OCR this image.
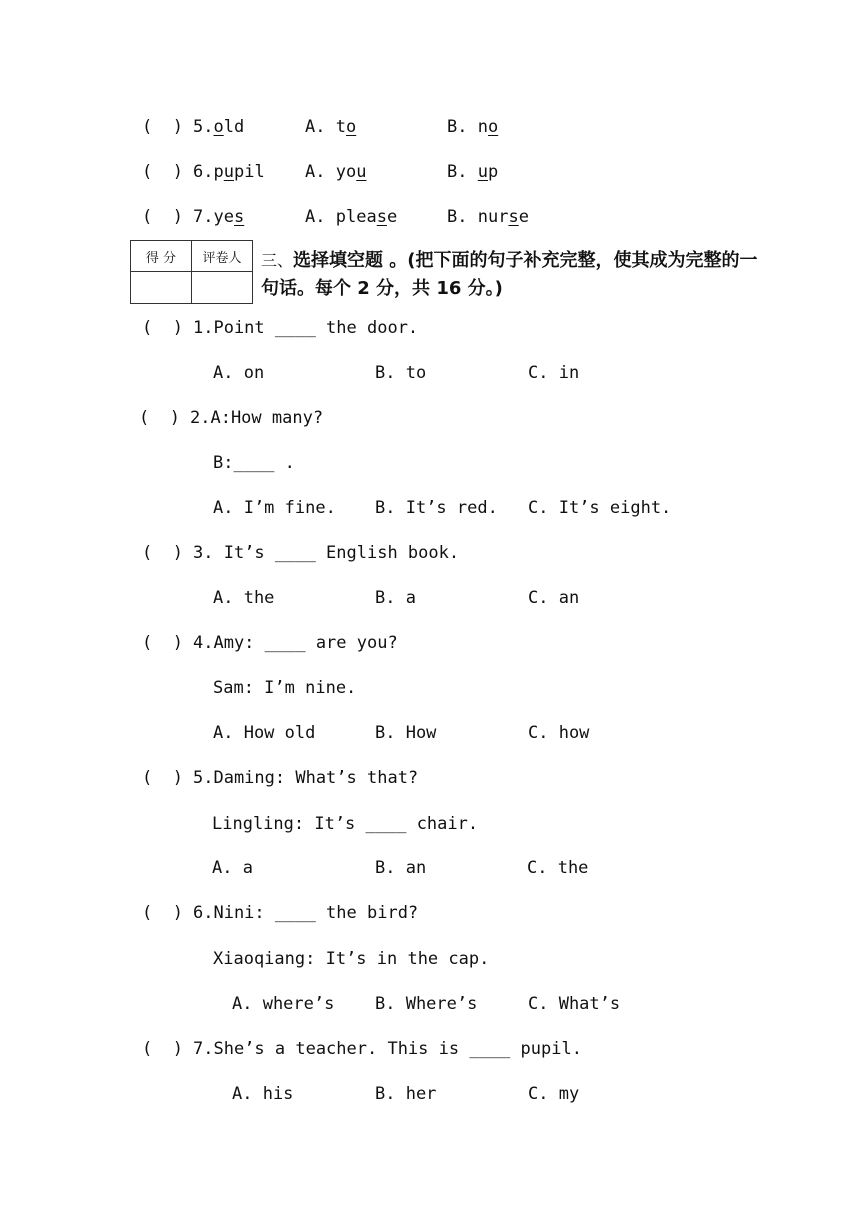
(  ) 5.old	A. to	B. no
(  ) 6.pupil A. you	B. up
(  ) 7.yes	A. please	B. nurse
得 分	评卷人
	三、选择填空题 。(把下面的句子补充完整，使其成为完整的一句话。每个 2 分，共 16 分。)
(  ) 1.Point ____ the door.
A. on	B. to	C. in
(  ) 2.A:How many?
B:____ .
A. I’m fine. B. It’s red. C. It’s eight.
(  ) 3. It’s ____ English book.
A. the	B. a	C. an
(  ) 4.Amy: ____ are you?
Sam: I’m nine.
A. How old	B. How	C. how
(  ) 5.Daming: What’s that?
Lingling: It’s ____ chair.
A. a	B. an	C. the
(  ) 6.Nini: ____ the bird?
Xiaoqiang: It’s in the cap.
A. where’s B. Where’s	C. What’s
(  ) 7.She’s a teacher. This is ____ pupil.
A. his	B. her	C. my
